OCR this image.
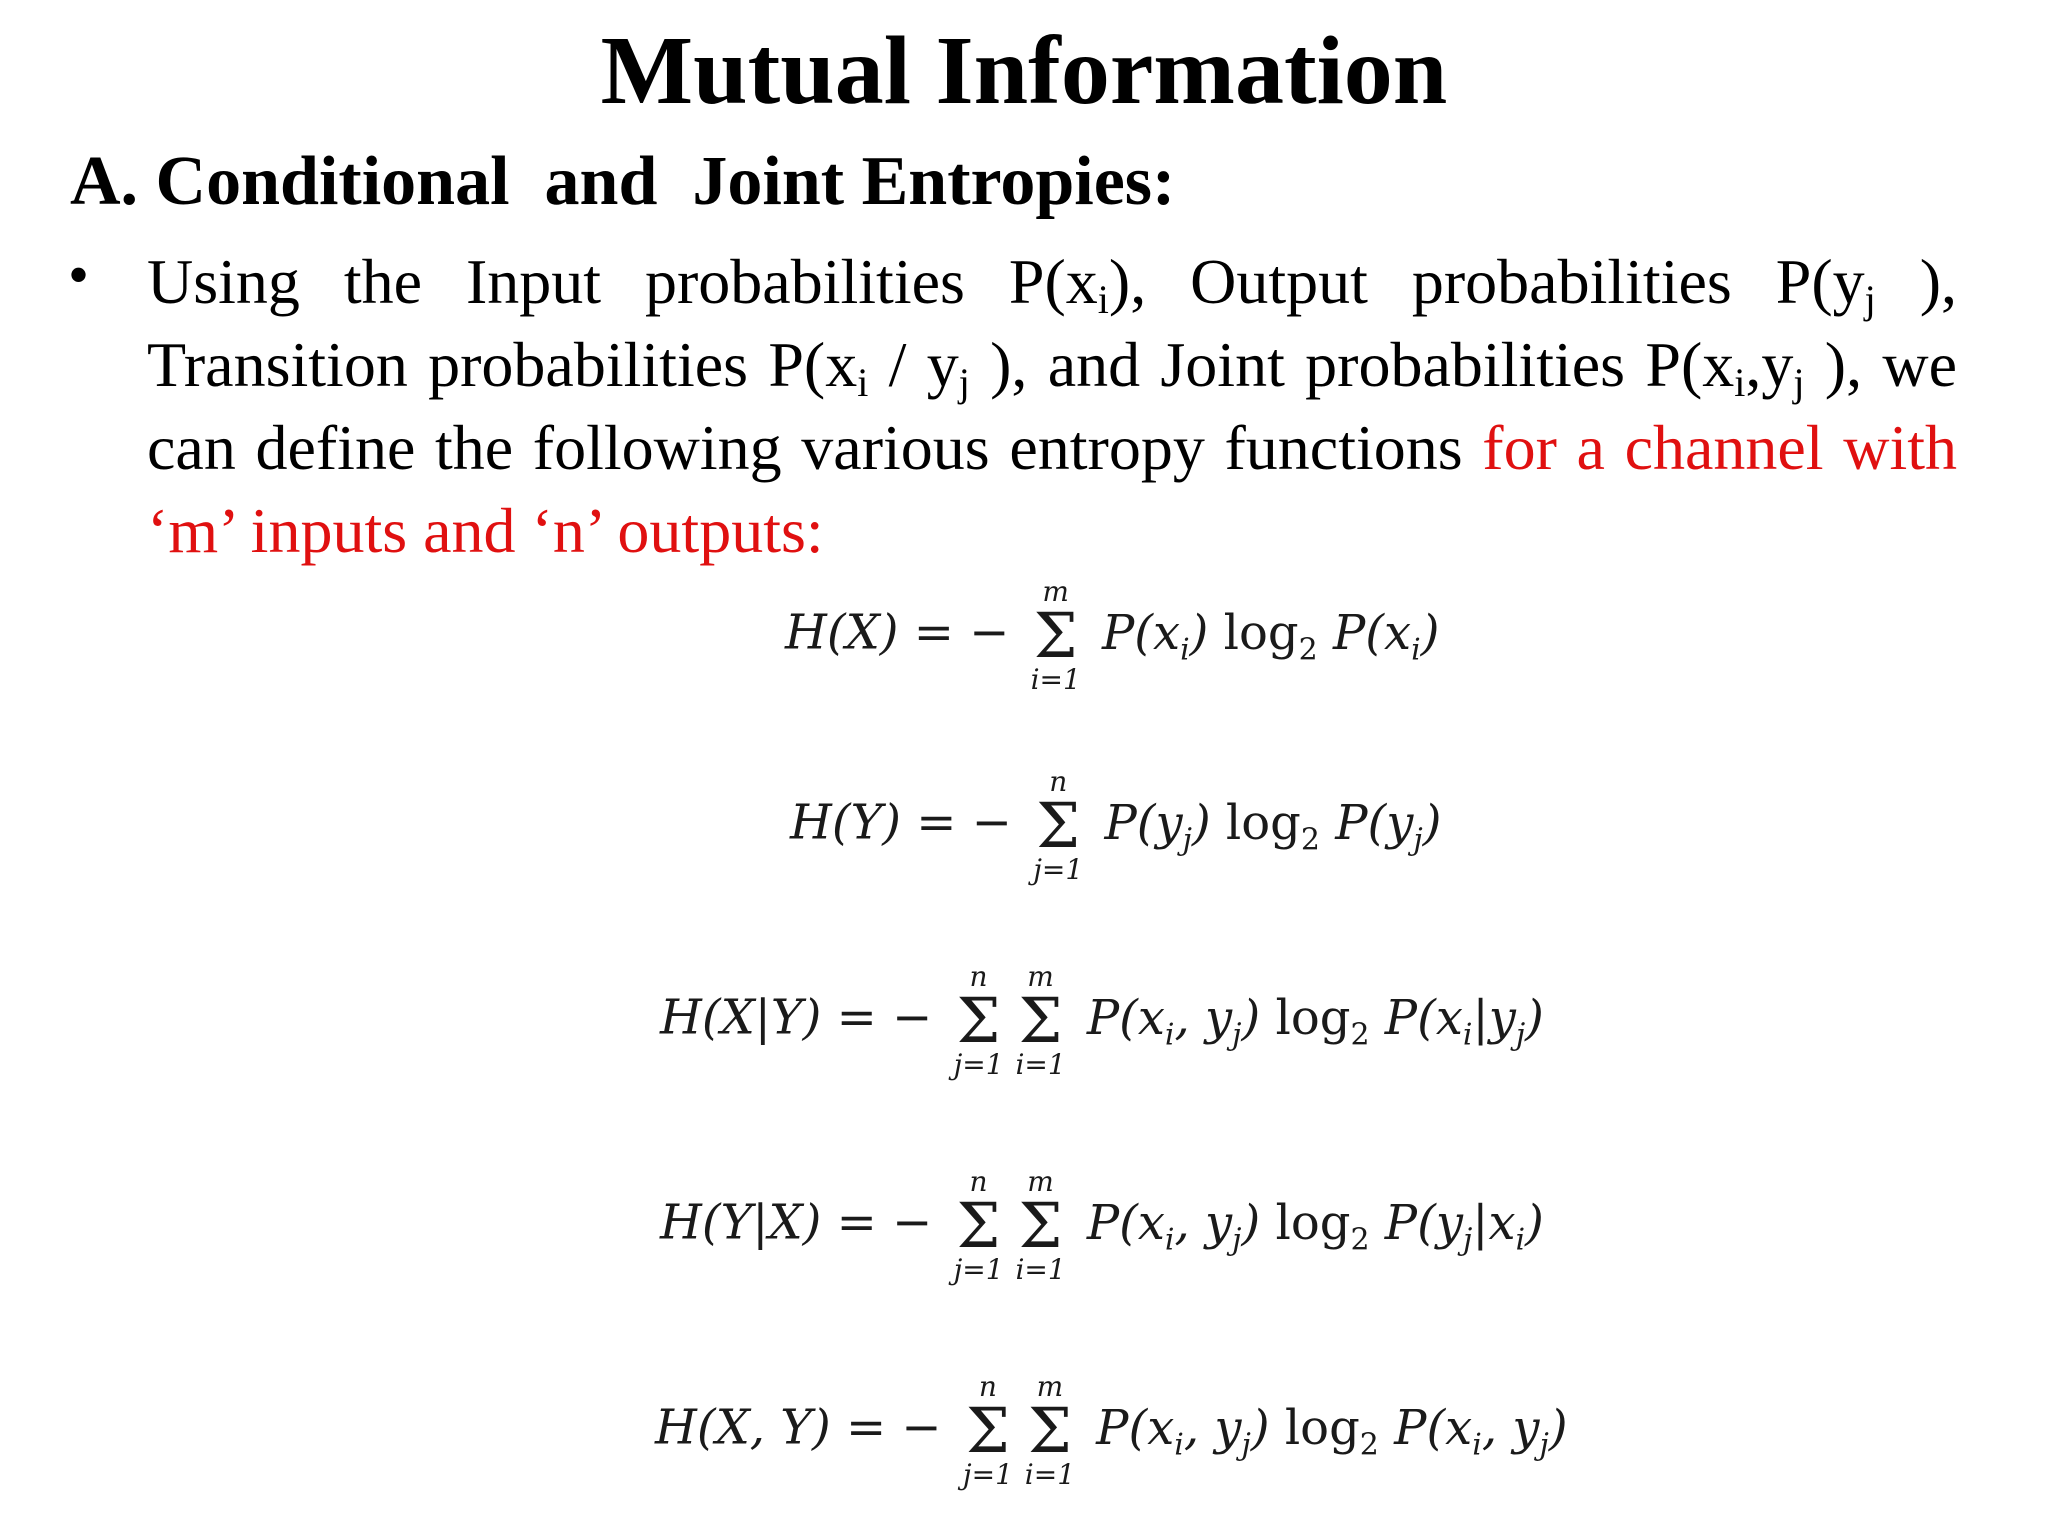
Mutual Information
A. Conditional  and  Joint Entropies:
• Using the Input probabilities $P(x_i)$, Output probabilities $P(y_j$ ), Transition probabilities $P(x_i / y_j$ ), and Joint probabilities $P(x_i,y_j$ ), we can define the following various entropy functions for a channel with ‘m’ inputs and ‘n’ outputs:
H(X) = −
m
Σ
i=1
$P(x_i)$ $\log_2 P(x_i)$
H(Y) = −
n
Σ
j=1
$P(y_j)$ $\log_2 P(y_j)$
H(X|Y) = −
n
Σ
j=1
m
Σ
i=1
$P(x_i$, $y_j$) $\log_2 P(x_i|y_j)$
H(Y|X) = −
n
Σ
j=1
m
Σ
i=1
$P(x_i$, $y_j$) $\log_2 P(y_j|x_i)$
H(X, Y) = −
n
Σ
j=1
m
Σ
i=1
$P(x_i$, $y_j$) $\log_2 P(x_i$, $y_j$)
